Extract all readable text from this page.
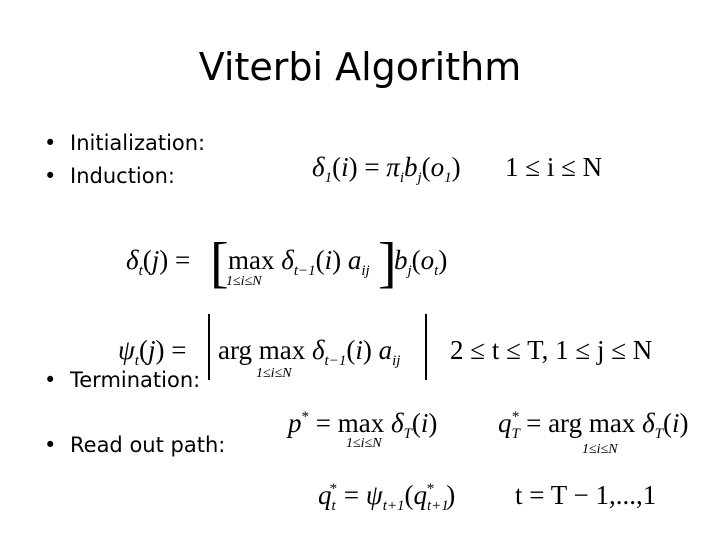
Viterbi Algorithm
• Initialization:
• Induction:
• Termination:
• Read out path:
$\delta_1(i) = \pi_ib_j(o_1) 1 \le i \le N$
$\delta_t(j)$ = [ $\max \delta_{t-1}(i)$ $a_{ij}$
1≤i≤N ]
$b_j(o_t)$
$\psi_t(j)$ = arg $\max \delta_{t-1}(i)$ $a_{ij}$
1≤i≤N
2 ≤ t ≤ T, 1 ≤ j ≤ N
$p^* = \max \delta_T(i)$
1≤i≤N
$q_T^*$ = arg $\max \delta_T(i)$
1≤i≤N
$q_t^* = \psi_{t+1}(q_{t+1}^*$ ) t = T − 1,...,1
